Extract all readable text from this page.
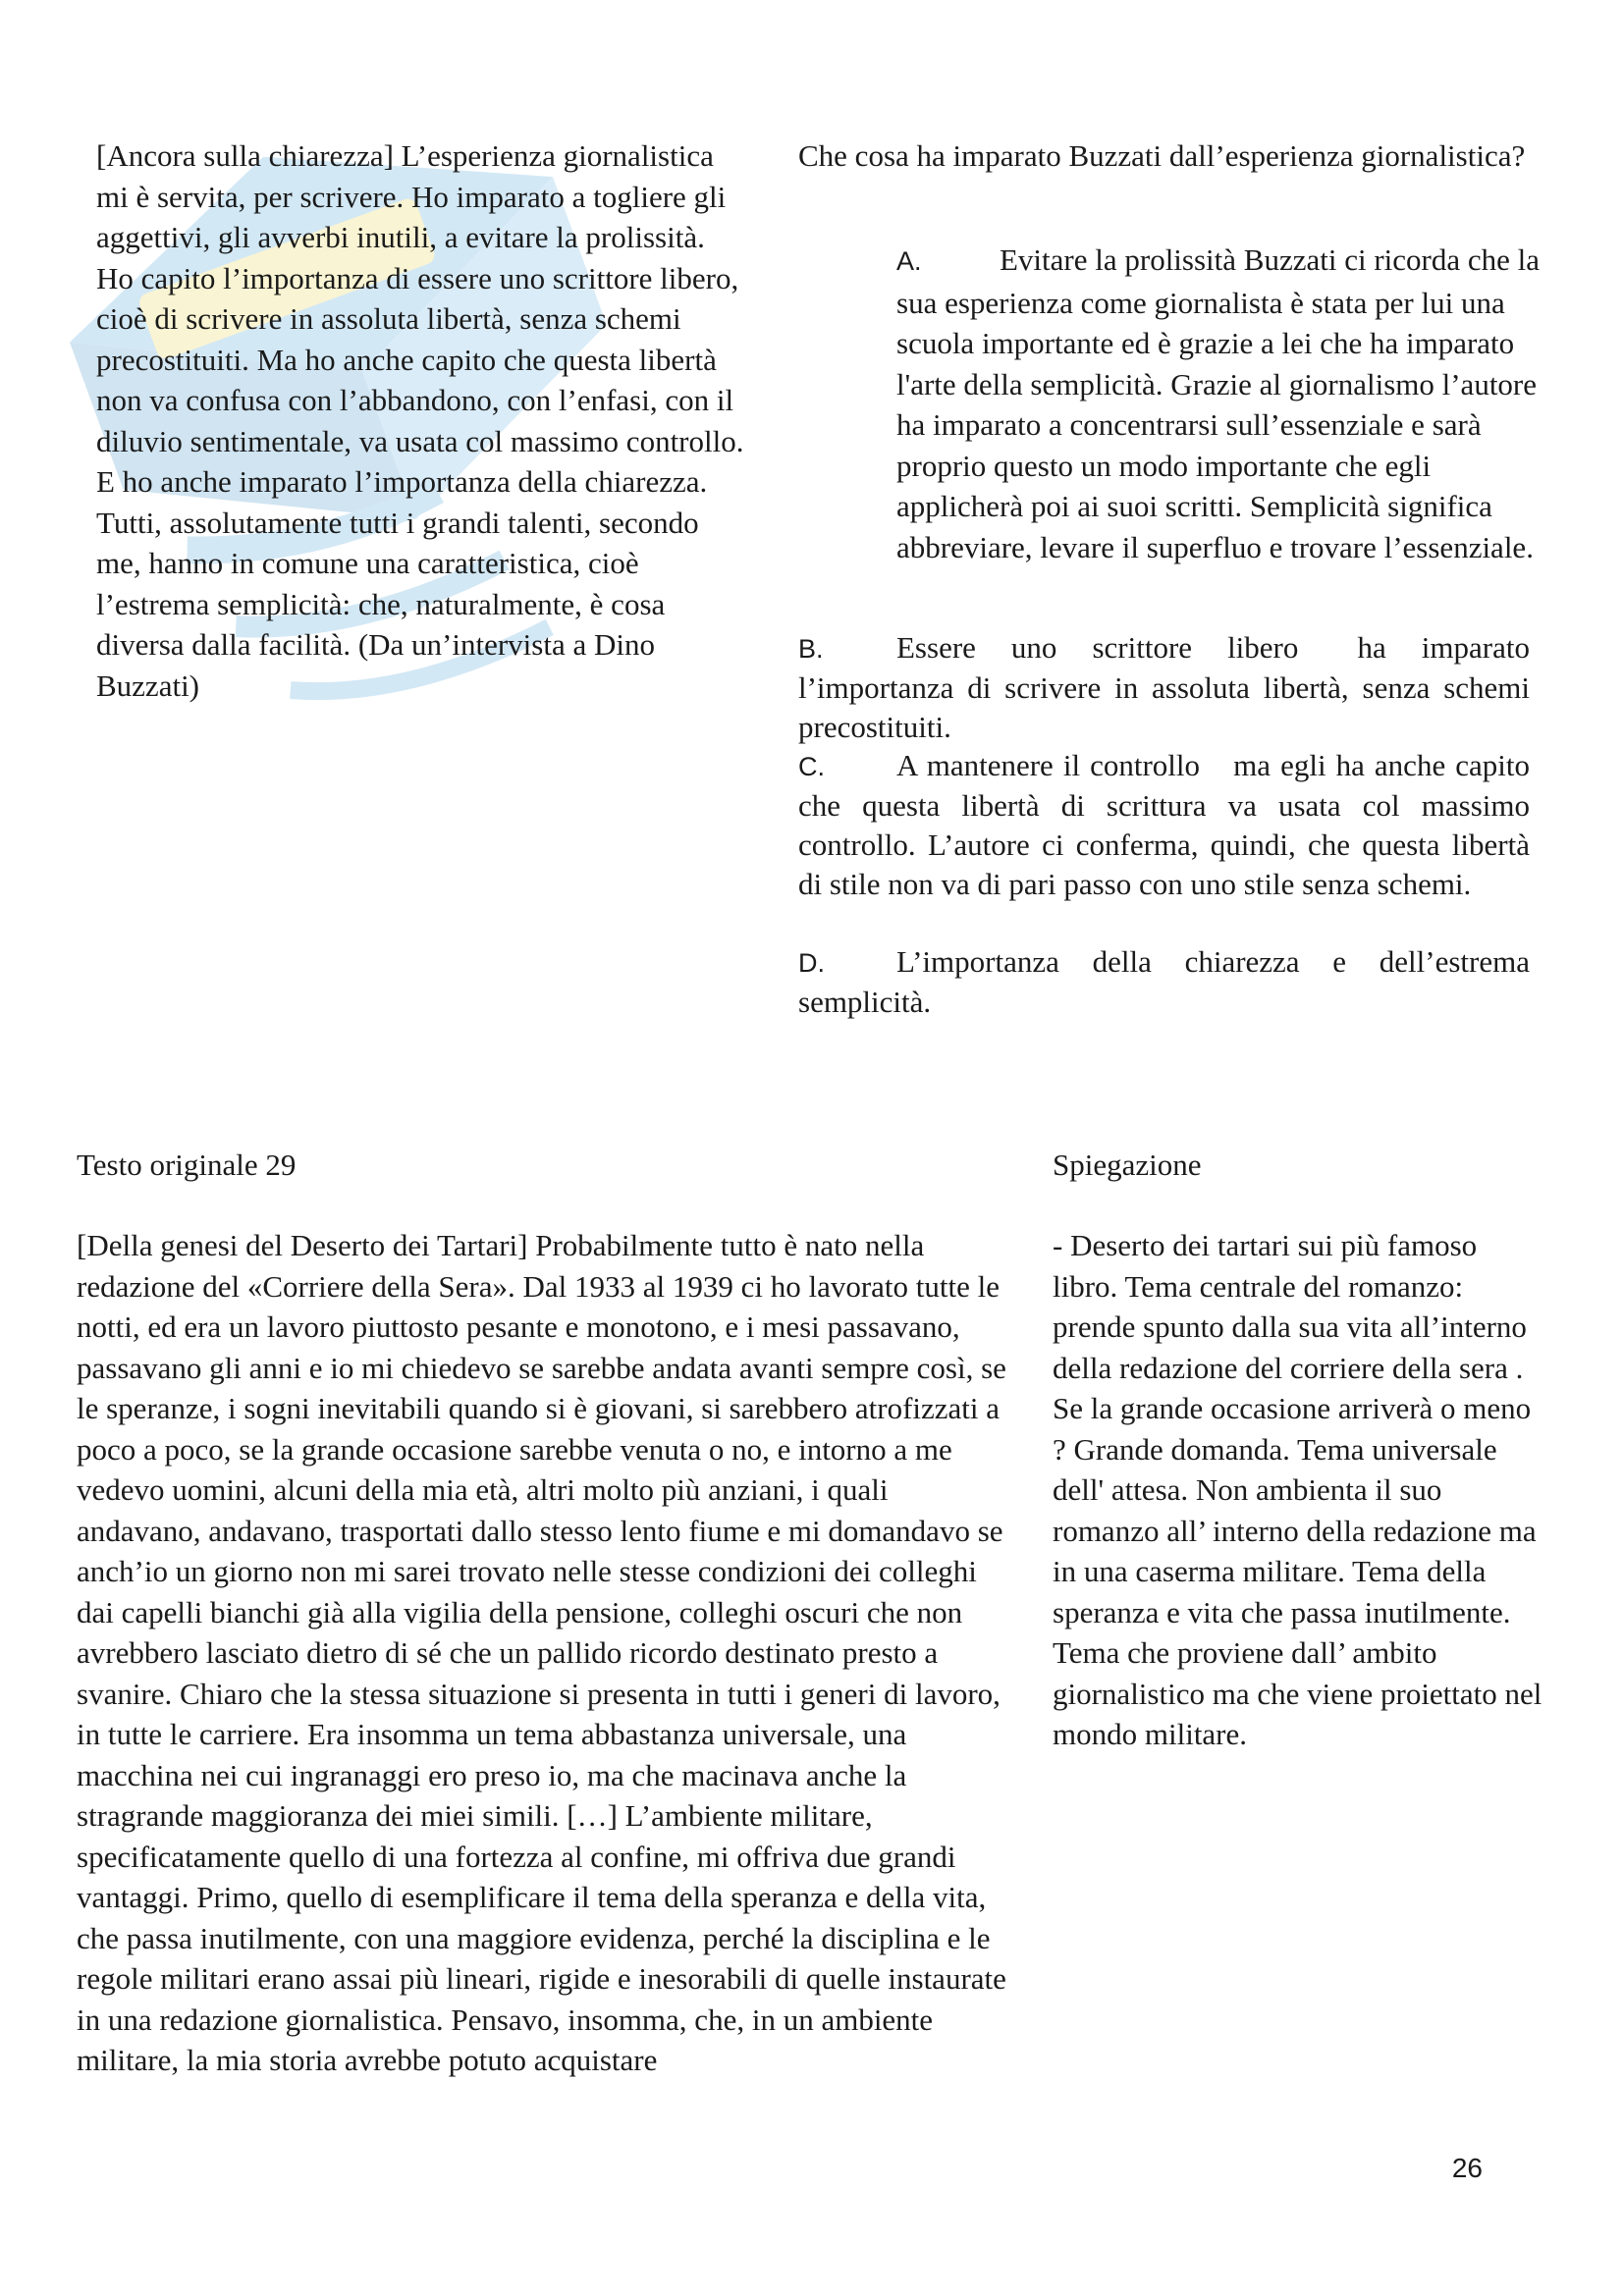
[Ancora sulla chiarezza] L’esperienza giornalistica mi è servita, per scrivere. Ho imparato a togliere gli aggettivi, gli avverbi inutili, a evitare la prolissità. Ho capito l’importanza di essere uno scrittore libero, cioè di scrivere in assoluta libertà, senza schemi precostituiti. Ma ho anche capito che questa libertà non va confusa con l’abbandono, con l’enfasi, con il diluvio sentimentale, va usata col massimo controllo. E ho anche imparato l’importanza della chiarezza. Tutti, assolutamente tutti i grandi talenti, secondo me, hanno in comune una caratteristica, cioè l’estrema semplicità: che, naturalmente, è cosa diversa dalla facilità. (Da un’intervista a Dino Buzzati)
Che cosa ha imparato Buzzati dall’esperienza giornalistica?
A.	Evitare la prolissità Buzzati ci ricorda che la sua esperienza come giornalista è stata per lui una scuola importante ed è grazie a lei che ha imparato l'arte della semplicità. Grazie al giornalismo l’autore ha imparato a concentrarsi sull’essenziale e sarà proprio questo un modo importante che egli applicherà poi ai suoi scritti. Semplicità significa abbreviare, levare il superfluo e trovare l’essenziale.
B. Essere uno scrittore libero  ha imparato l’importanza di scrivere in assoluta libertà, senza schemi precostituiti.
C. A mantenere il controllo  ma egli ha anche capito che questa libertà di scrittura va usata col massimo controllo. L’autore ci conferma, quindi, che questa libertà di stile non va di pari passo con uno stile senza schemi.
D. L’importanza della chiarezza e dell’estrema semplicità.
Testo originale 29	Spiegazione
[Della genesi del Deserto dei Tartari] Probabilmente tutto è nato nella redazione del «Corriere della Sera». Dal 1933 al 1939 ci ho lavorato tutte le notti, ed era un lavoro piuttosto pesante e monotono, e i mesi passavano, passavano gli anni e io mi chiedevo se sarebbe andata avanti sempre così, se le speranze, i sogni inevitabili quando si è giovani, si sarebbero atrofizzati a poco a poco, se la grande occasione sarebbe venuta o no, e intorno a me vedevo uomini, alcuni della mia età, altri molto più anziani, i quali andavano, andavano, trasportati dallo stesso lento fiume e mi domandavo se anch’io un giorno non mi sarei trovato nelle stesse condizioni dei colleghi dai capelli bianchi già alla vigilia della pensione, colleghi oscuri che non avrebbero lasciato dietro di sé che un pallido ricordo destinato presto a svanire. Chiaro che la stessa situazione si presenta in tutti i generi di lavoro, in tutte le carriere. Era insomma un tema abbastanza universale, una macchina nei cui ingranaggi ero preso io, ma che macinava anche la stragrande maggioranza dei miei simili. […] L’ambiente militare, specificatamente quello di una fortezza al confine, mi offriva due grandi vantaggi. Primo, quello di esemplificare il tema della speranza e della vita, che passa inutilmente, con una maggiore evidenza, perché la disciplina e le regole militari erano assai più lineari, rigide e inesorabili di quelle instaurate in una redazione giornalistica. Pensavo, insomma, che, in un ambiente militare, la mia storia avrebbe potuto acquistare
- Deserto dei tartari sui più famoso libro. Tema centrale del romanzo: prende spunto dalla sua vita all’interno della redazione del corriere della sera . Se la grande occasione arriverà o meno ? Grande domanda. Tema universale dell' attesa. Non ambienta il suo romanzo all’ interno della redazione ma in una caserma militare. Tema della speranza e vita che passa inutilmente. Tema che proviene dall’ ambito giornalistico ma che viene proiettato nel mondo militare.
26
